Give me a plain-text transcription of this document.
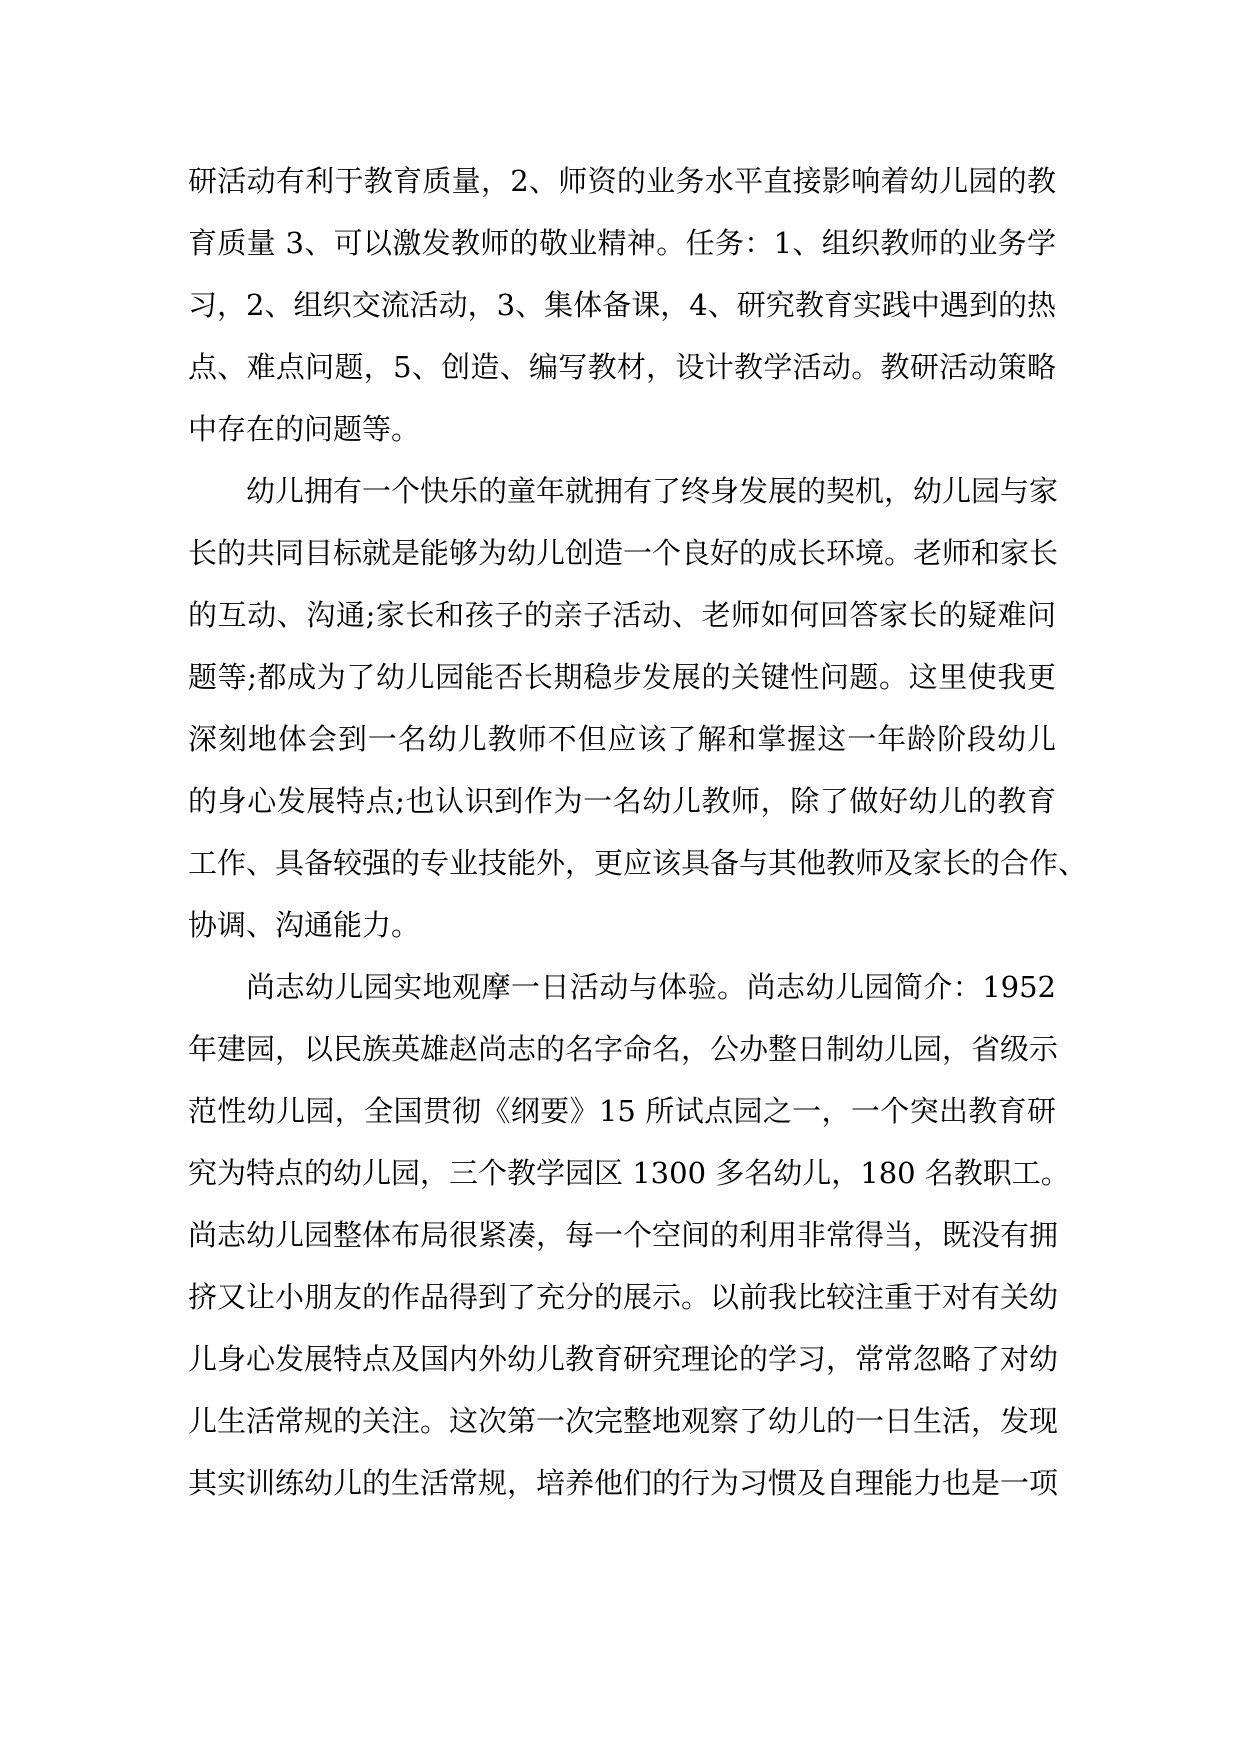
研活动有利于教育质量，2、师资的业务水平直接影响着幼儿园的教
育质量 3、可以激发教师的敬业精神。任务：1、组织教师的业务学
习，2、组织交流活动，3、集体备课，4、研究教育实践中遇到的热
点、难点问题，5、创造、编写教材，设计教学活动。教研活动策略
中存在的问题等。
幼儿拥有一个快乐的童年就拥有了终身发展的契机，幼儿园与家
长的共同目标就是能够为幼儿创造一个良好的成长环境。老师和家长
的互动、沟通;家长和孩子的亲子活动、老师如何回答家长的疑难问
题等;都成为了幼儿园能否长期稳步发展的关键性问题。这里使我更
深刻地体会到一名幼儿教师不但应该了解和掌握这一年龄阶段幼儿
的身心发展特点;也认识到作为一名幼儿教师，除了做好幼儿的教育
工作、具备较强的专业技能外，更应该具备与其他教师及家长的合作、
协调、沟通能力。
尚志幼儿园实地观摩一日活动与体验。尚志幼儿园简介：1952
年建园，以民族英雄赵尚志的名字命名，公办整日制幼儿园，省级示
范性幼儿园，全国贯彻《纲要》15 所试点园之一，一个突出教育研
究为特点的幼儿园，三个教学园区 1300 多名幼儿，180 名教职工。
尚志幼儿园整体布局很紧凑，每一个空间的利用非常得当，既没有拥
挤又让小朋友的作品得到了充分的展示。以前我比较注重于对有关幼
儿身心发展特点及国内外幼儿教育研究理论的学习，常常忽略了对幼
儿生活常规的关注。这次第一次完整地观察了幼儿的一日生活，发现
其实训练幼儿的生活常规，培养他们的行为习惯及自理能力也是一项
